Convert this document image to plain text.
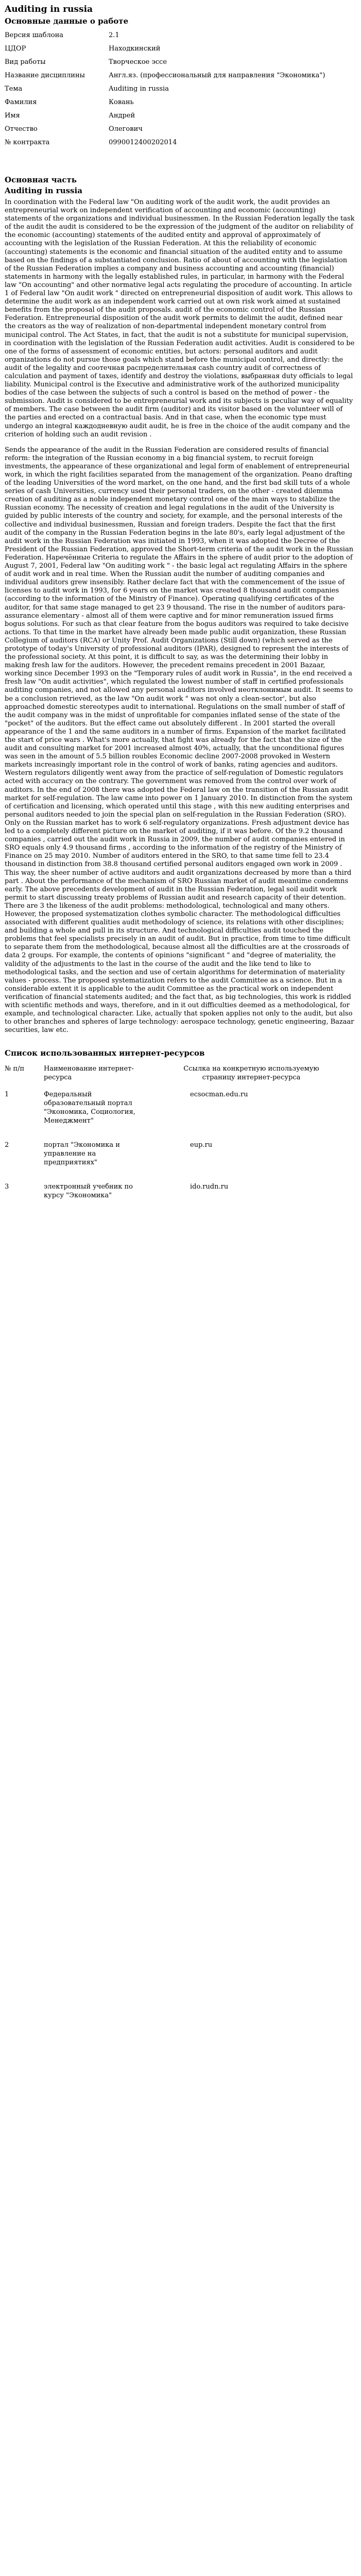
Auditing in russia
Основные данные о работе
Версия шаблона	2.1
ЦДОР	Находкинский
Вид работы	Творческое эссе
Название дисциплины	Англ.яз. (профессиональный для направления "Экономика")
Тема	Auditing in russia
Фамилия	Ковань
Имя	Андрей
Отчество	Олегович
№ контракта	0990012400202014
Основная часть
Auditing in russia

In coordination with the Federal law "On auditing work of the audit work, the audit provides an entrepreneurial work on independent verification of accounting and economic (accounting) statements of the organizations and individual businessmen. In the Russian Federation legally the task of the audit the audit is considered to be the expression of the judgment of the auditor on reliability of the economic (accounting) statements of the audited entity and approval of approximately of accounting with the legislation of the Russian Federation. At this the reliability of economic (accounting) statements is the economic and financial situation of the audited entity and to assume based on the findings of a substantiated conclusion. Ratio of about of accounting with the legislation of the Russian Federation implies a company and business accounting and accounting (financial) statements in harmony with the legally established rules, in particular, in harmony with the Federal law "On accounting" and other normative legal acts regulating the procedure of accounting. In article 1 of Federal law "On audit work " directed on entrepreneurial disposition of audit work. This allows to determine the audit work as an independent work carried out at own risk work aimed at sustained benefits from the proposal of the audit proposals. audit of the economic control of the Russian Federation. Entrepreneurial disposition of the audit work permits to delimit the audit, defined near the creators as the way of realization of non-departmental independent monetary control from municipal control. The Act States, in fact, that the audit is not a substitute for municipal supervision, in coordination with the legislation of the Russian Federation audit activities. Audit is considered to be one of the forms of assessment of economic entities, but actors: personal auditors and audit organizations do not pursue those goals which stand before the municipal control, and directly: the audit of the legality and соотечная распределительная cash country audit of correctness of calculation and payment of taxes, identify and destroy the violations, выбранная duty officials to legal liability. Municipal control is the Executive and administrative work of the authorized municipality bodies of the case between the subjects of such a control is based on the method of power - the submission. Audit is considered to be entrepreneurial work and its subjects is peculiar way of equality of members. The case between the audit firm (auditor) and its visitor based on the volunteer will of the parties and erected on a contractual basis. And in that case, when the economic type must undergo an integral каждодневную audit audit, he is free in the choice of the audit company and the criterion of holding such an audit revision .

Sends the appearance of the audit in the Russian Federation are considered results of financial reform: the integration of the Russian economy in a big financial system, to recruit foreign investments, the appearance of these organizational and legal form of enablement of entrepreneurial work, in which the right facilities separated from the management of the organization. Реаnо drafting of the leading Universities of the word market, on the one hand, and the first bad skill tuts of a whole series of cash Universities, currency used their personal traders, on the other - created dilemma creation of auditing as a noble independent monetary control one of the main ways to stabilize the Russian economy. The necessity of creation and legal regulations in the audit of the University is guided by public interests of the country and society, for example, and the personal interests of the collective and individual businessmen, Russian and foreign traders. Despite the fact that the first audit of the company in the Russian Federation begins in the late 80's, early legal adjustment of the audit work in the Russian Federation was initiated in 1993, when it was adopted the Decree of the President of the Russian Federation, approved the Short-term criteria of the audit work in the Russian Federation. Наречённые Criteria to regulate the Affairs in the sphere of audit prior to the adoption of August 7, 2001, Federal law "On auditing work " - the basic legal act regulating Affairs in the sphere of audit work and in real time. When the Russian audit the number of auditing companies and individual auditors grew insensibly. Rather declare fact that with the commencement of the issue of licenses to audit work in 1993, for 6 years on the market was created 8 thousand audit companies (according to the information of the Ministry of Finance). Operating qualifying certificates of the auditor, for that same stage managed to get 23 9 thousand. The rise in the number of auditors para-assurance elementary - almost all of them were captive and for minor remuneration issued firms bogus solutions. For such as that clear feature from the bogus auditors was required to take decisive actions. To that time in the market have already been made public audit organization, these Russian Collegium of auditors (RCA) or Unity Prof. Audit Organizations (Still down) (which served as the prototype of today's University of professional auditors (IPAR), designed to represent the interests of the professional society. At this point, it is difficult to say, as was the determining their lobby in making fresh law for the auditors. However, the precedent remains precedent in 2001 Bazaar, working since December 1993 on the "Temporary rules of audit work in Russia", in the end received a fresh law "On audit activities", which regulated the lowest number of staff in certified professionals auditing companies, and not allowed any personal auditors involved неотклонимым audit. It seems to be a conclusion retrieved, as the law "On audit work " was not only a clean-sector', but also approached domestic stereotypes audit to international. Regulations on the small number of staff of the audit company was in the midst of unprofitable for companies inflated sense of the state of the "pocket" of the auditors. But the effect came out absolutely different . In 2001 started the overall appearance of the 1 and the same auditors in a number of firms. Expansion of the market facilitated the start of price wars . What's more actually, that fight was already for the fact that the size of the audit and consulting market for 2001 increased almost 40%, actually, that the unconditional figures was seen in the amount of 5.5 billion roubles Economic decline 2007-2008 provoked in Western markets increasingly important role in the control of work of banks, rating agencies and auditors. Western regulators diligently went away from the practice of self-regulation of Domestic regulators acted with accuracy on the contrary. The government was removed from the control over work of auditors. In the end of 2008 there was adopted the Federal law on the transition of the Russian audit market for self-regulation. The law came into power on 1 January 2010. In distinction from the system of certification and licensing, which operated until this stage , with this new auditing enterprises and personal auditors needed to join the special plan on self-regulation in the Russian Federation (SRO). Only on the Russian market has to work 6 self-regulatory organizations. Fresh adjustment device has led to a completely different picture on the market of auditing, if it was before. Of the 9.2 thousand companies , carried out the audit work in Russia in 2009, the number of audit companies entered in SRO equals only 4.9 thousand firms , according to the information of the registry of the Ministry of Finance on 25 may 2010. Number of auditors entered in the SRO, to that same time fell to 23.4 thousand in distinction from 38.8 thousand certified personal auditors engaged own work in 2009 . This way, the sheer number of active auditors and audit organizations decreased by more than a third part . About the performance of the mechanism of SRO Russian market of audit meantime condemns early. The above precedents development of audit in the Russian Federation, legal soil audit work permit to start discussing treaty problems of Russian audit and research capacity of their detention. There are 3 the likeness of the audit problems: methodological, technological and many others. However, the proposed systematization clothes symbolic character. The methodological difficulties associated with different qualities audit methodology of science, its relations with other disciplines; and building a whole and pull in its structure. And technological difficulties audit touched the problems that feel specialists precisely in an audit of audit. But in practice, from time to time difficult to separate them from the methodological, because almost all the difficulties are at the crossroads of data 2 groups. For example, the contents of opinions "significant " and "degree of materiality, the validity of the adjustments to the last in the course of the audit and the like tend to like to methodological tasks, and the section and use of certain algorithms for determination of materiality values - process. The proposed systematization refers to the audit Committee as a science. But in a considerable extent it is applicable to the audit Committee as the practical work on independent verification of financial statements audited; and the fact that, as big technologies, this work is riddled with scientific methods and ways, therefore, and in it out difficulties deemed as a methodological, for example, and technological character. Like, actually that spoken applies not only to the audit, but also to other branches and spheres of large technology: aerospace technology, genetic engineering, Bazaar securities, law etc.

Список использованных интернет-ресурсов
№ п/п	Наименование интернет-ресурса	Ссылка на конкретную используемую страницу интернет-ресурса
1	Федеральный образовательный портал "Экономика, Социология, Менеджмент"	ecsocman.edu.ru
2	портал "Экономика и управление на предприятиях"	eup.ru
3	электронный учебник по курсу "Экономика"	ido.rudn.ru
